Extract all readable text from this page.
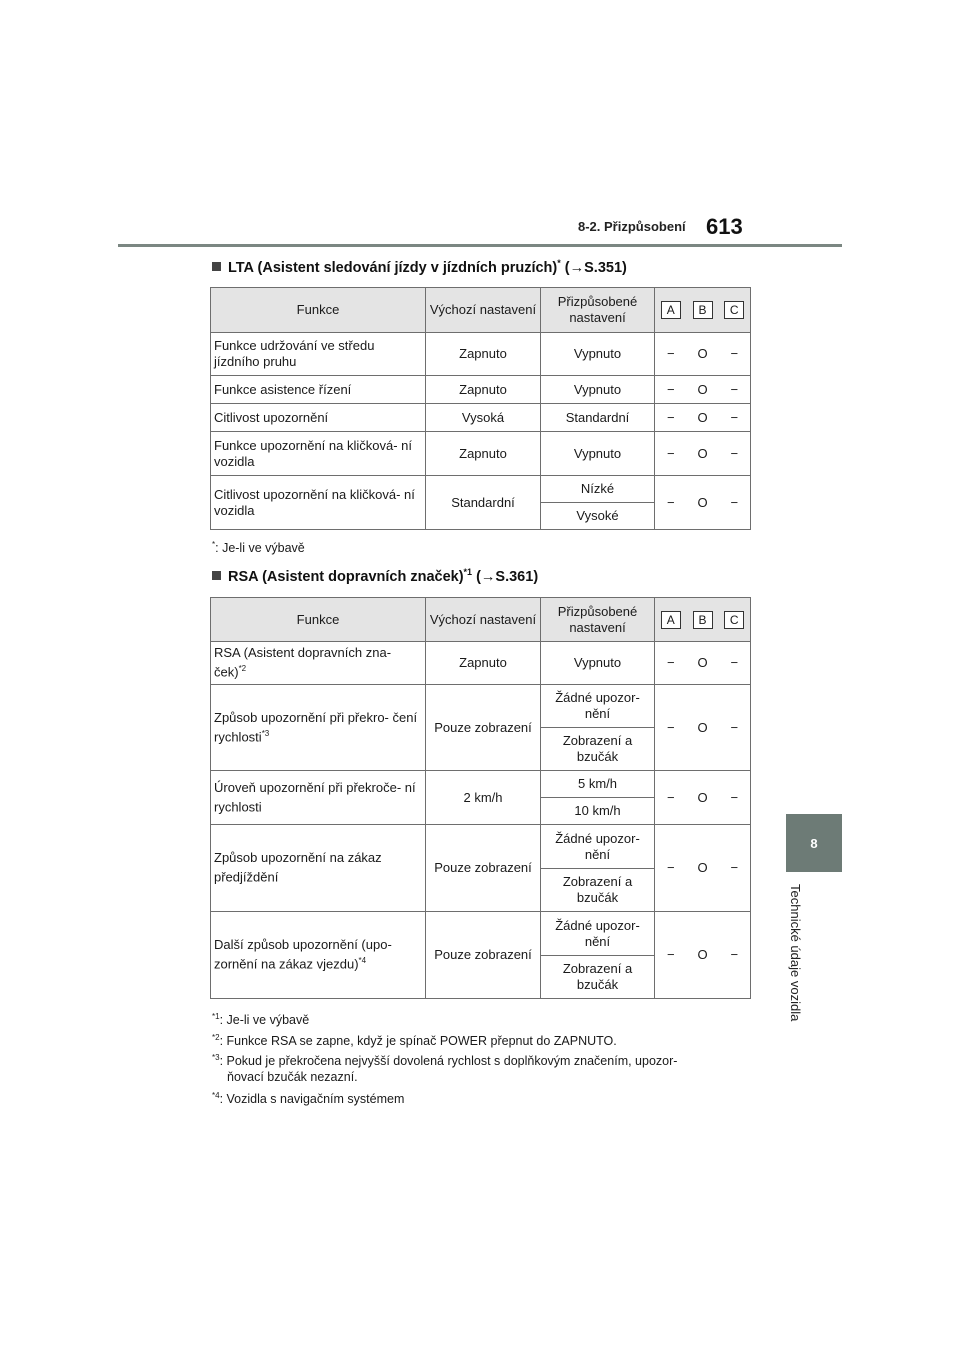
8-2. Přizpůsobení 613
8
Technické údaje vozidla
LTA (Asistent sledování jízdy v jízdních pruzích)* (→S.351)
Funkce	Výchozí nastavení	Přizpůsobené nastavení	A	B	C
Funkce udržování ve středu jízdního pruhu	Zapnuto	Vypnuto	−	O	−
Funkce asistence řízení	Zapnuto	Vypnuto	−	O	−
Citlivost upozornění	Vysoká	Standardní	−	O	−
Funkce upozornění na kličková- ní vozidla	Zapnuto	Vypnuto	−	O	−
Citlivost upozornění na kličková- ní vozidla	Standardní	Nízké	−	O	−
		Vysoké			
*: Je-li ve výbavě
RSA (Asistent dopravních značek)$^{*1}$ (→S.361)
Funkce	Výchozí nastavení	Přizpůsobené nastavení	A	B	C
RSA (Asistent dopravních zna- ček)$^{*2}$	Zapnuto	Vypnuto	−	O	−
Způsob upozornění při překro- čení rychlosti$^{*3}$	Pouze zobrazení	Žádné upozor- nění	−	O	−
		Zobrazení a bzučák			
Úroveň upozornění při překroče- ní rychlosti	2 km/h	5 km/h	−	O	−
		10 km/h			
Způsob upozornění na zákaz předjíždění	Pouze zobrazení	Žádné upozor- nění	−	O	−
		Zobrazení a bzučák			
Další způsob upozornění (upo- zornění na zákaz vjezdu)$^{*4}$	Pouze zobrazení	Žádné upozor- nění	−	O	−
		Zobrazení a bzučák			
$^{*1}$: Je-li ve výbavě
$^{*2}$: Funkce RSA se zapne, když je spínač POWER přepnut do ZAPNUTO.
$^{*3}$: Pokud je překročena nejvyšší dovolená rychlost s doplňkovým značením, upozor-
ňovací bzučák nezazní.
$^{*4}$: Vozidla s navigačním systémem
